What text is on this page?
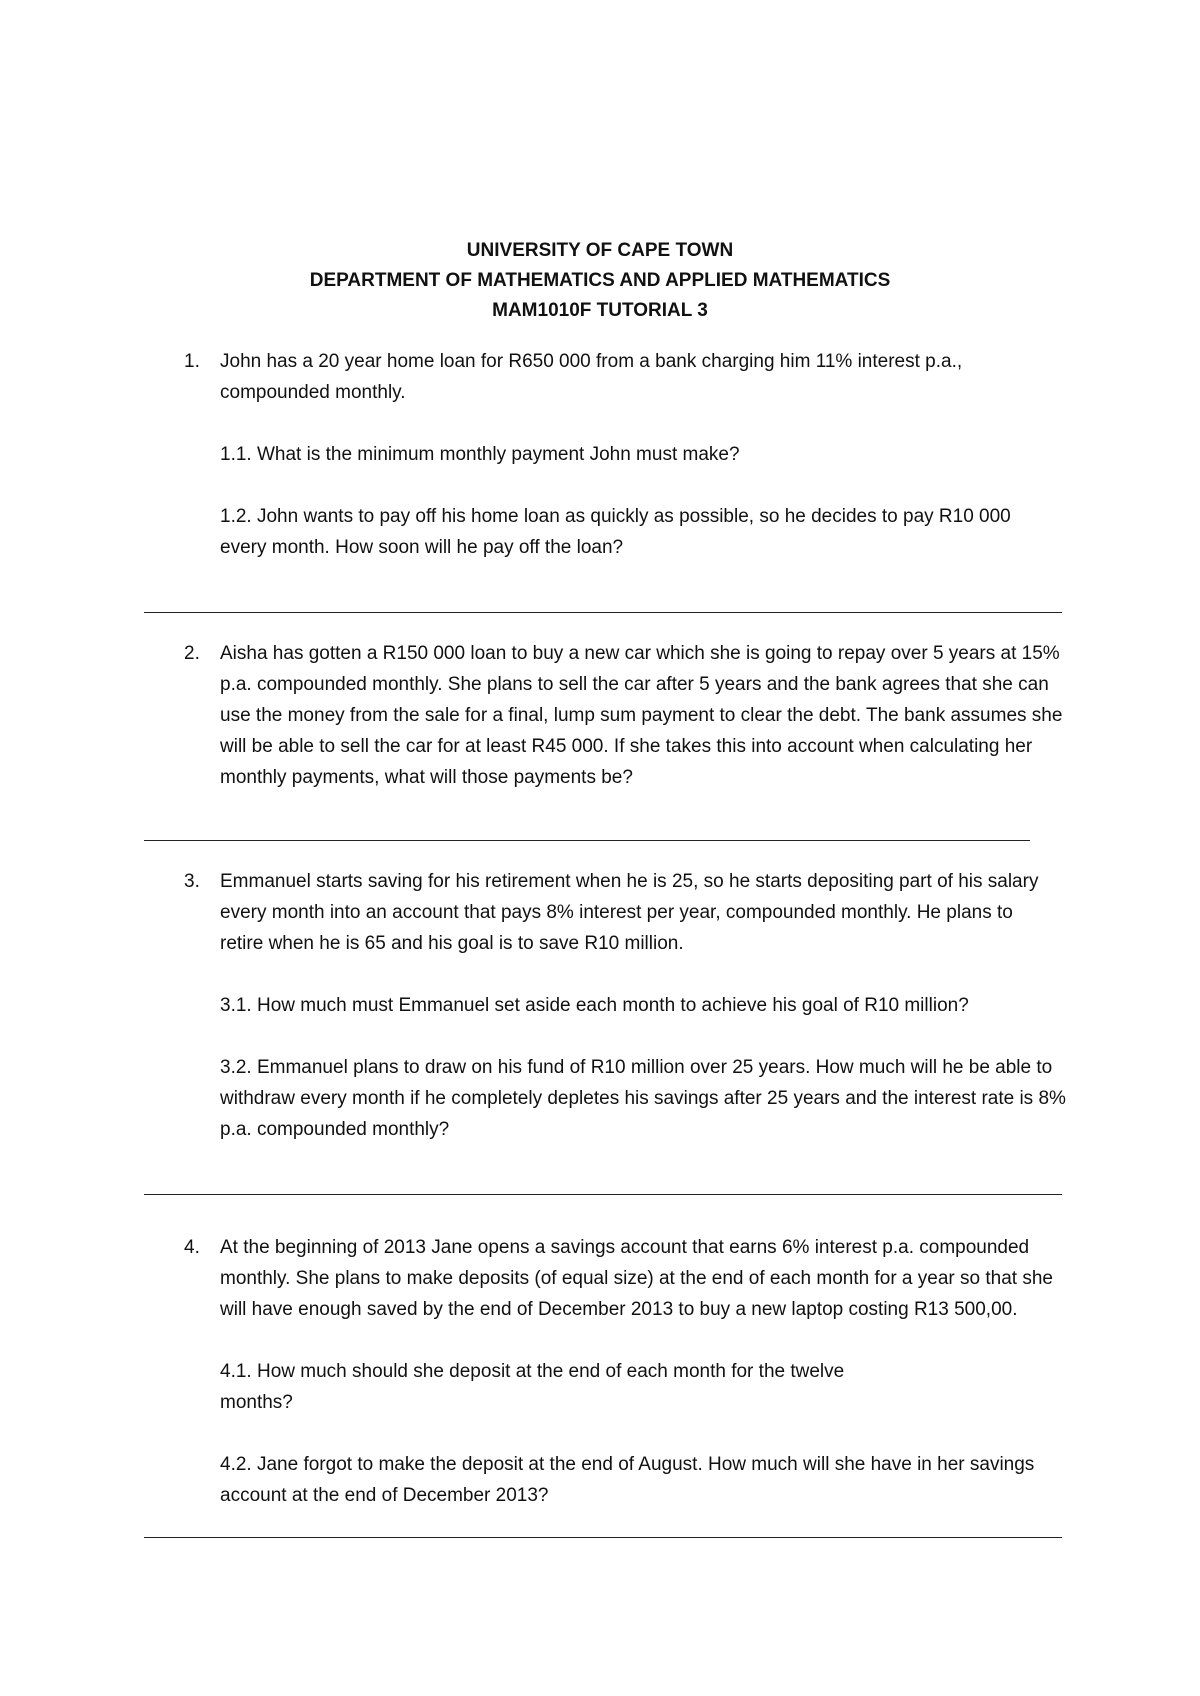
UNIVERSITY OF CAPE TOWN
DEPARTMENT OF MATHEMATICS AND APPLIED MATHEMATICS
MAM1010F TUTORIAL 3
1.	John has a 20 year home loan for R650 000 from a bank charging him 11% interest p.a., compounded monthly.
1.1. What is the minimum monthly payment John must make?
1.2. John wants to pay off his home loan as quickly as possible, so he decides to pay R10 000 every month. How soon will he pay off the loan?
2.	Aisha has gotten a R150 000 loan to buy a new car which she is going to repay over 5 years at 15% p.a. compounded monthly. She plans to sell the car after 5 years and the bank agrees that she can use the money from the sale for a final, lump sum payment to clear the debt. The bank assumes she will be able to sell the car for at least R45 000. If she takes this into account when calculating her monthly payments, what will those payments be?
3.	Emmanuel starts saving for his retirement when he is 25, so he starts depositing part of his salary every month into an account that pays 8% interest per year, compounded monthly. He plans to retire when he is 65 and his goal is to save R10 million.
3.1. How much must Emmanuel set aside each month to achieve his goal of R10 million?
3.2. Emmanuel plans to draw on his fund of R10 million over 25 years. How much will he be able to withdraw every month if he completely depletes his savings after 25 years and the interest rate is 8% p.a. compounded monthly?
4.	At the beginning of 2013 Jane opens a savings account that earns 6% interest p.a. compounded monthly. She plans to make deposits (of equal size) at the end of each month for a year so that she will have enough saved by the end of December 2013 to buy a new laptop costing R13 500,00.
4.1. How much should she deposit at the end of each month for the twelve months?
4.2. Jane forgot to make the deposit at the end of August. How much will she have in her savings account at the end of December 2013?
